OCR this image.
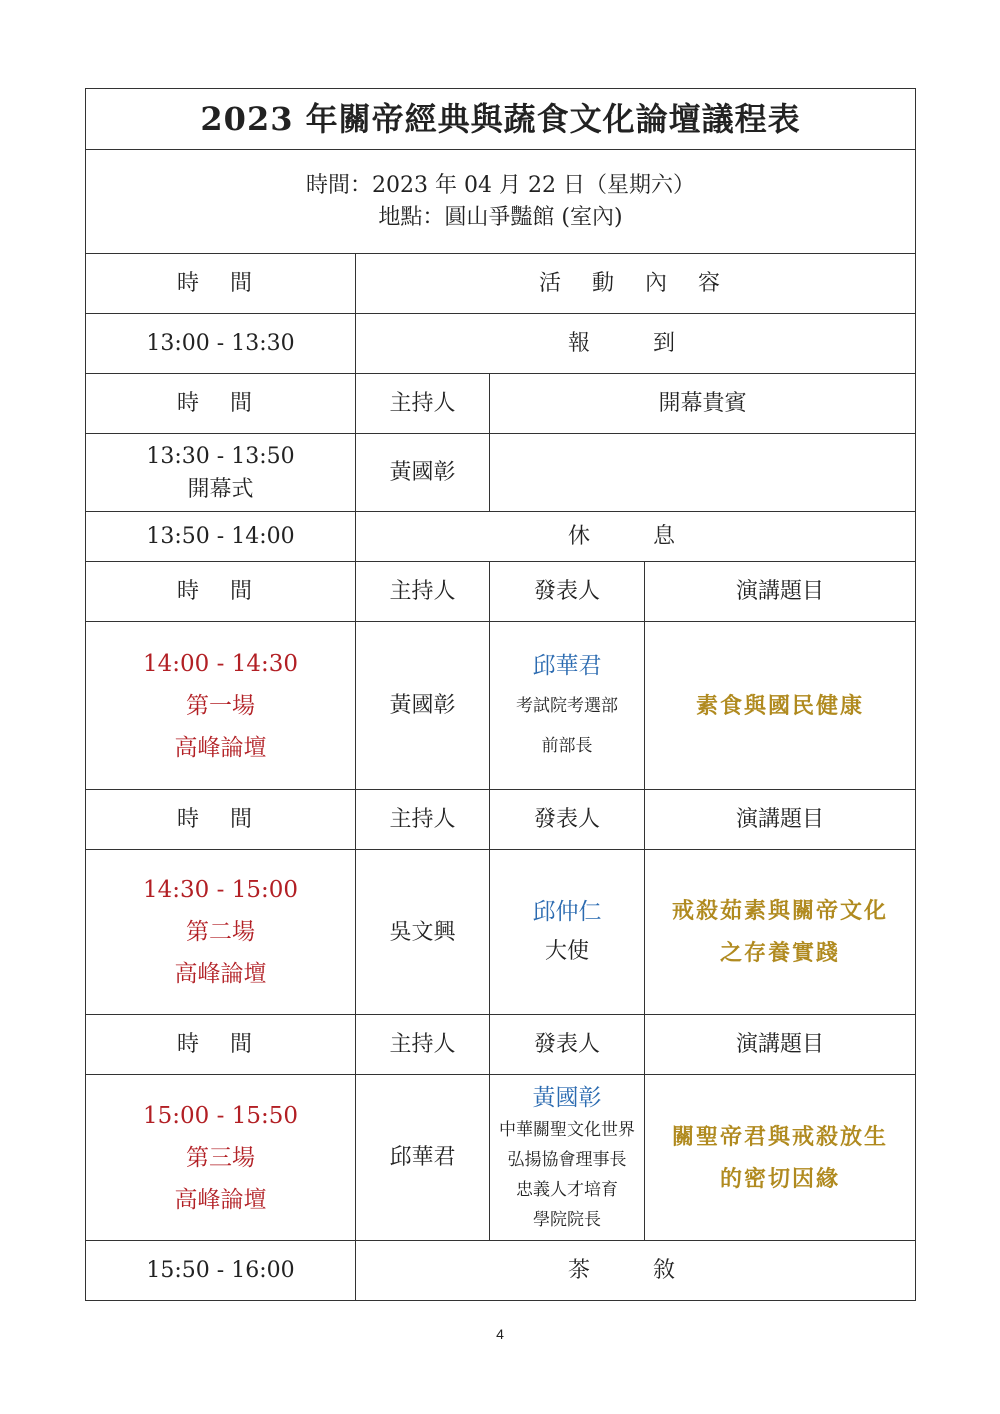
2023 年關帝經典與蔬食文化論壇議程表			

時間：2023 年 04 月 22 日（星期六）
地點：圓山爭豔館 (室內)			

時 間	活 動 內 容		
13:00 - 13:30	報 到		
時 間	主持人	開幕貴賓	

13:30 - 13:50
開幕式	黃國彰		
13:50 - 14:00	休 息		
時 間	主持人	發表人	演講題目

14:00 - 14:30
第一場
高峰論壇	黃國彰	邱華君
考試院考選部
前部長	素食與國民健康

時 間	主持人	發表人	演講題目

14:30 - 15:00
第二場
高峰論壇	吳文興	邱仲仁
大使	戒殺茹素與關帝文化
之存養實踐

時 間	主持人	發表人	演講題目

15:00 - 15:50
第三場
高峰論壇	邱華君	黃國彰
中華關聖文化世界
弘揚協會理事長
忠義人才培育
學院院長	關聖帝君與戒殺放生
的密切因緣

15:50 - 16:00	茶 敘		
4
